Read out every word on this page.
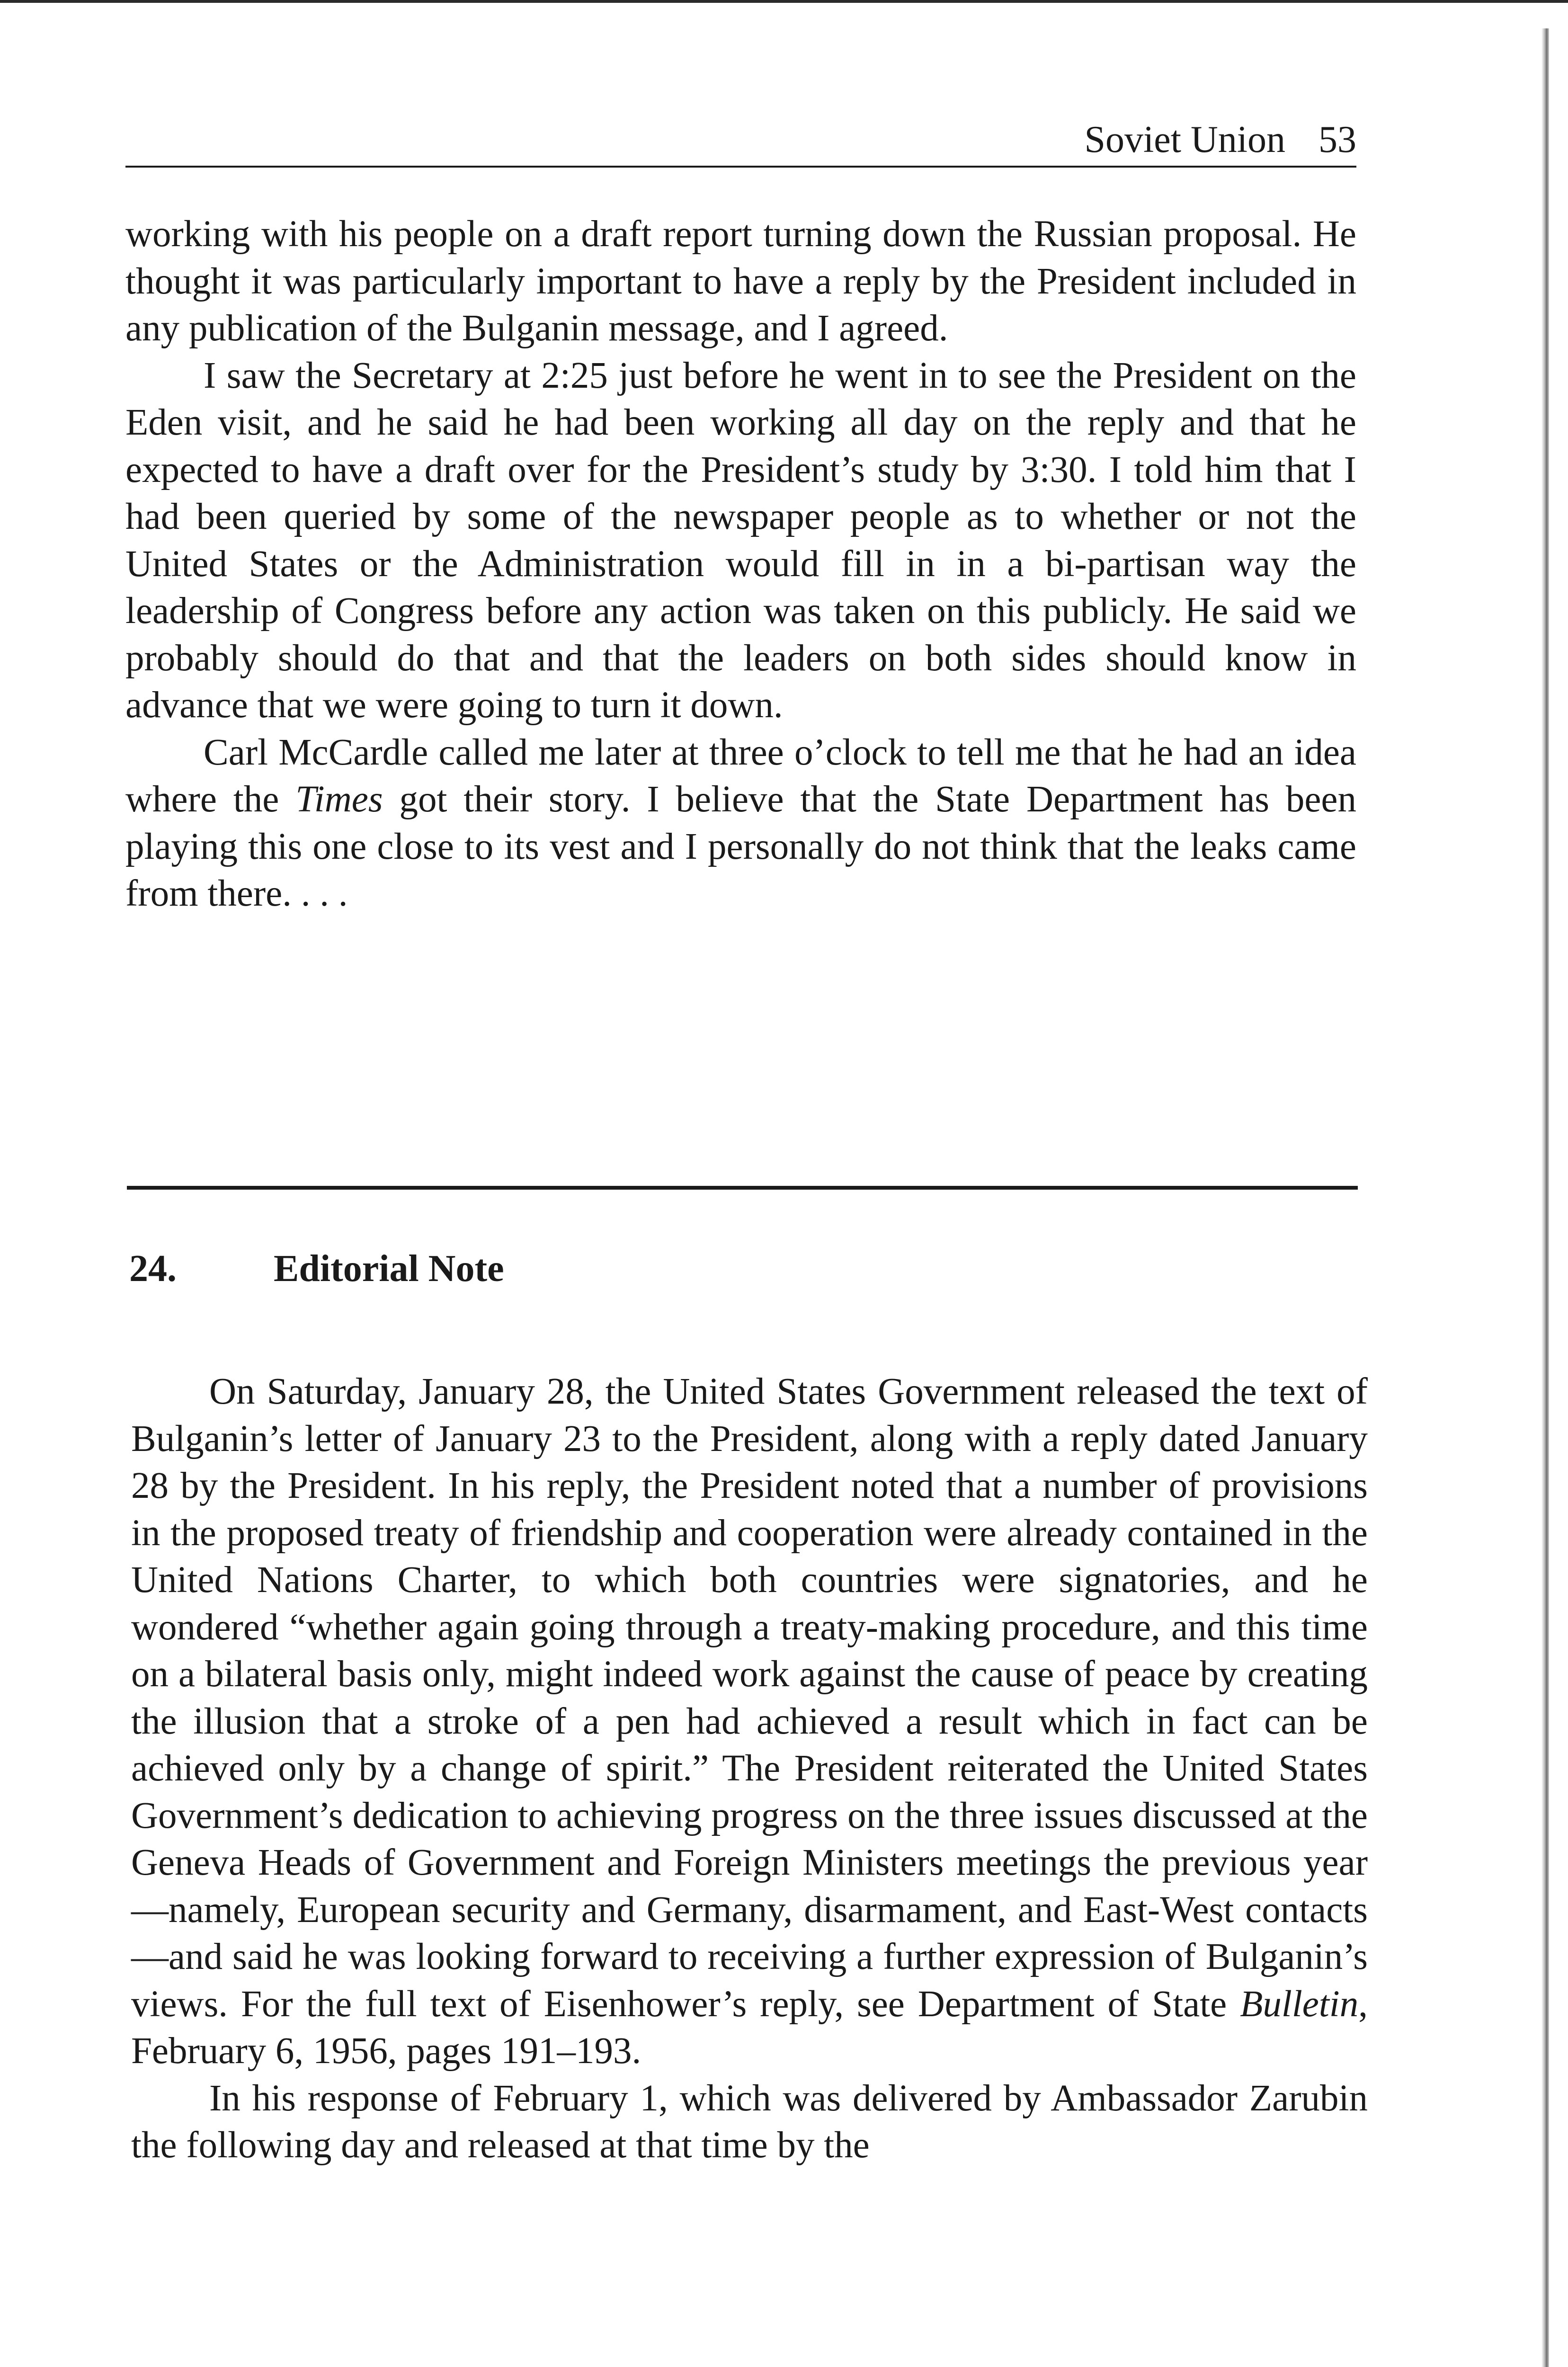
Soviet Union 53

working with his people on a draft report turning down the Russian proposal. He thought it was particularly important to have a reply by the President included in any publication of the Bulganin message, and I agreed.

I saw the Secretary at 2:25 just before he went in to see the President on the Eden visit, and he said he had been working all day on the reply and that he expected to have a draft over for the President’s study by 3:30. I told him that I had been queried by some of the newspaper people as to whether or not the United States or the Administration would fill in in a bi-partisan way the leadership of Congress before any action was taken on this publicly. He said we probably should do that and that the leaders on both sides should know in advance that we were going to turn it down.

Carl McCardle called me later at three o’clock to tell me that he had an idea where the Times got their story. I believe that the State Department has been playing this one close to its vest and I personally do not think that the leaks came from there. . . .

24.	Editorial Note

On Saturday, January 28, the United States Government released the text of Bulganin’s letter of January 23 to the President, along with a reply dated January 28 by the President. In his reply, the President noted that a number of provisions in the proposed treaty of friendship and cooperation were already contained in the United Nations Charter, to which both countries were signatories, and he wondered “whether again going through a treaty-making procedure, and this time on a bilateral basis only, might indeed work against the cause of peace by creating the illusion that a stroke of a pen had achieved a result which in fact can be achieved only by a change of spirit.” The President reiterated the United States Government’s dedication to achieving progress on the three issues discussed at the Geneva Heads of Government and Foreign Ministers meetings the previous year—namely, European security and Germany, disarmament, and East-West contacts—and said he was looking forward to receiving a further expression of Bulganin’s views. For the full text of Eisenhower’s reply, see Department of State Bulletin, February 6, 1956, pages 191–193.

In his response of February 1, which was delivered by Ambassador Zarubin the following day and released at that time by the
